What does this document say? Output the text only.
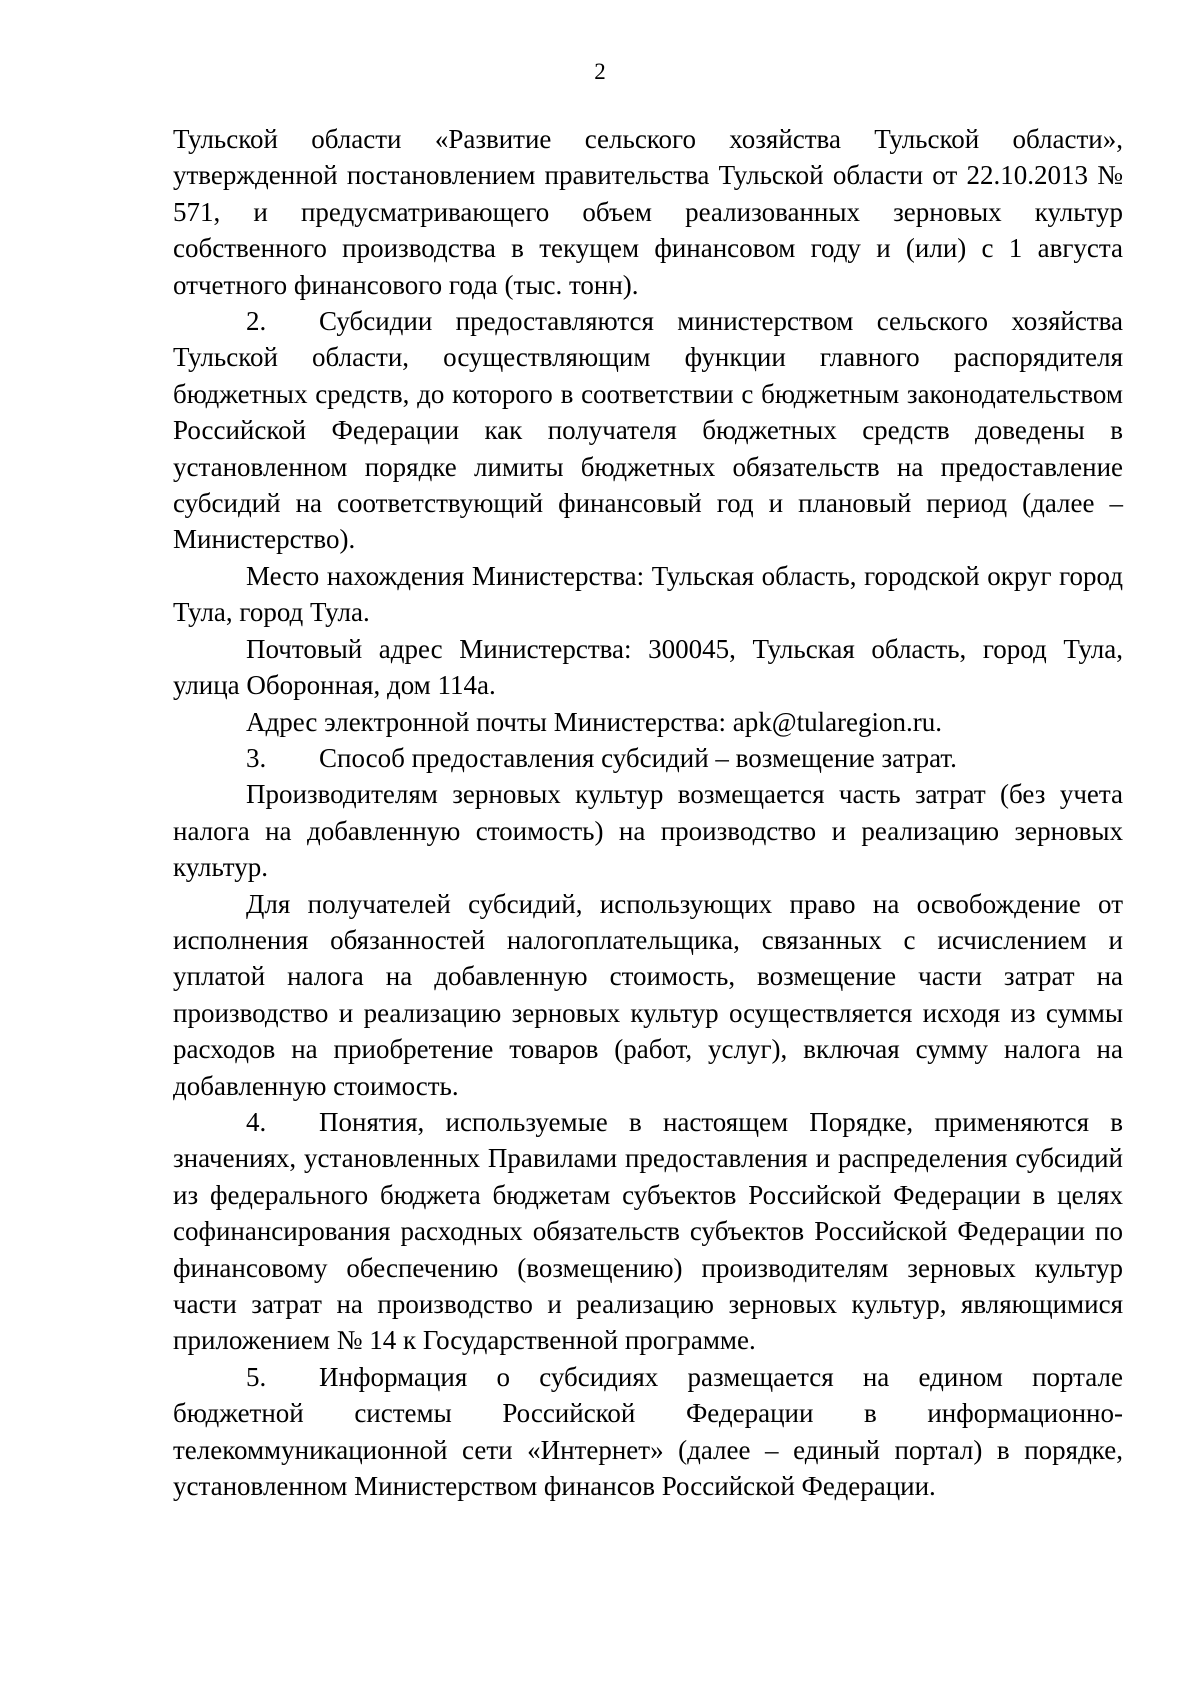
2

Тульской области «Развитие сельского хозяйства Тульской области», утвержденной постановлением правительства Тульской области от 22.10.2013 № 571, и предусматривающего объем реализованных зерновых культур собственного производства в текущем финансовом году и (или) с 1 августа отчетного финансового года (тыс. тонн).

2. Субсидии предоставляются министерством сельского хозяйства Тульской области, осуществляющим функции главного распорядителя бюджетных средств, до которого в соответствии с бюджетным законодательством Российской Федерации как получателя бюджетных средств доведены в установленном порядке лимиты бюджетных обязательств на предоставление субсидий на соответствующий финансовый год и плановый период (далее – Министерство).

Место нахождения Министерства: Тульская область, городской округ город Тула, город Тула.

Почтовый адрес Министерства: 300045, Тульская область, город Тула, улица Оборонная, дом 114а.

Адрес электронной почты Министерства: apk@tularegion.ru.

3. Способ предоставления субсидий – возмещение затрат.

Производителям зерновых культур возмещается часть затрат (без учета налога на добавленную стоимость) на производство и реализацию зерновых культур.

Для получателей субсидий, использующих право на освобождение от исполнения обязанностей налогоплательщика, связанных с исчислением и уплатой налога на добавленную стоимость, возмещение части затрат на производство и реализацию зерновых культур осуществляется исходя из суммы расходов на приобретение товаров (работ, услуг), включая сумму налога на добавленную стоимость.

4. Понятия, используемые в настоящем Порядке, применяются в значениях, установленных Правилами предоставления и распределения субсидий из федерального бюджета бюджетам субъектов Российской Федерации в целях софинансирования расходных обязательств субъектов Российской Федерации по финансовому обеспечению (возмещению) производителям зерновых культур части затрат на производство и реализацию зерновых культур, являющимися приложением № 14 к Государственной программе.

5. Информация о субсидиях размещается на едином портале бюджетной системы Российской Федерации в информационно-телекоммуникационной сети «Интернет» (далее – единый портал) в порядке, установленном Министерством финансов Российской Федерации.
